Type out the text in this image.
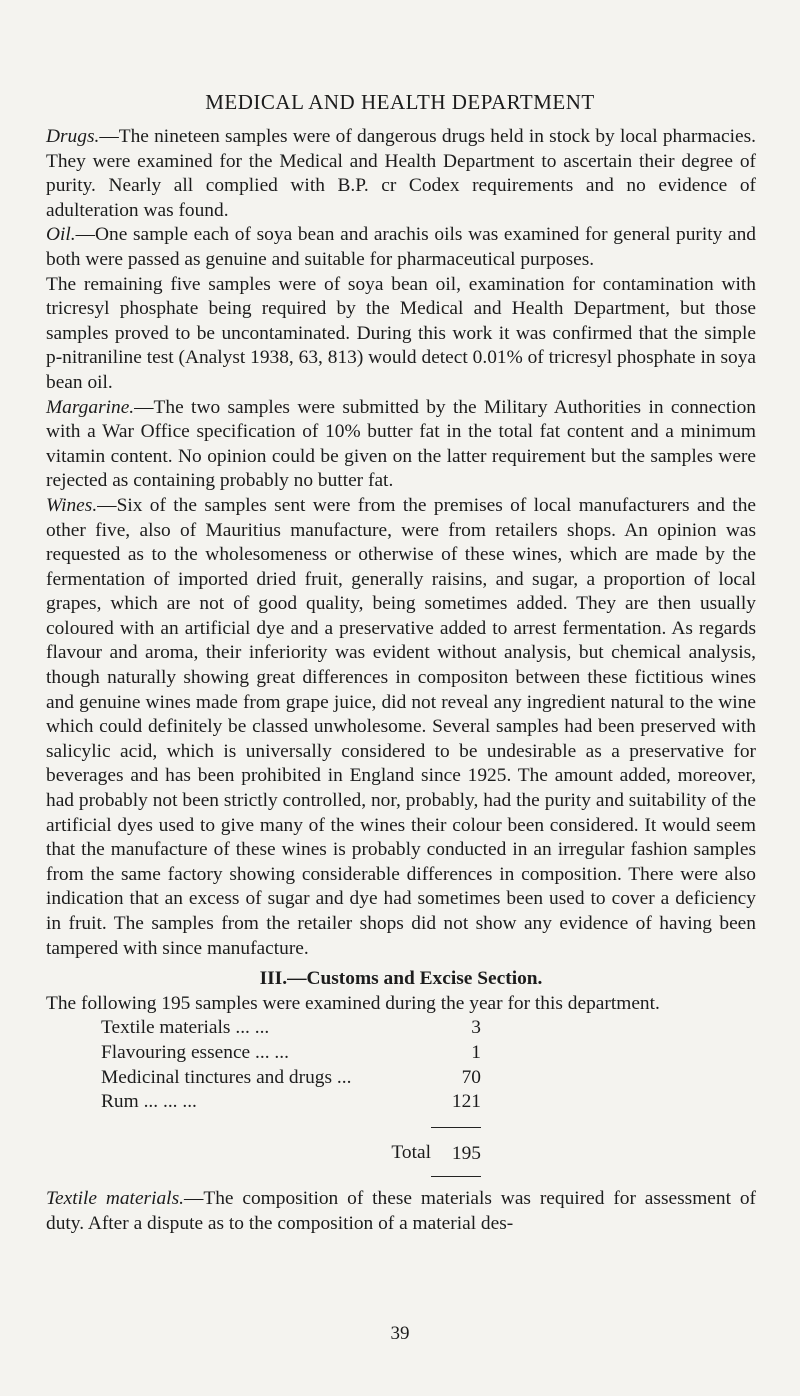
MEDICAL AND HEALTH DEPARTMENT

Drugs.—The nineteen samples were of dangerous drugs held in stock by local pharmacies. They were examined for the Medical and Health Department to ascertain their degree of purity. Nearly all complied with B.P. cr Codex requirements and no evidence of adulteration was found.

Oil.—One sample each of soya bean and arachis oils was examined for general purity and both were passed as genuine and suitable for pharmaceutical purposes.

The remaining five samples were of soya bean oil, examination for contamination with tricresyl phosphate being required by the Medical and Health Department, but those samples proved to be uncontaminated. During this work it was confirmed that the simple p-nitraniline test (Analyst 1938, 63, 813) would detect 0.01% of tricresyl phosphate in soya bean oil.

Margarine.—The two samples were submitted by the Military Authorities in connection with a War Office specification of 10% butter fat in the total fat content and a minimum vitamin content. No opinion could be given on the latter requirement but the samples were rejected as containing probably no butter fat.

Wines.—Six of the samples sent were from the premises of local manufacturers and the other five, also of Mauritius manufacture, were from retailers shops. An opinion was requested as to the wholesomeness or otherwise of these wines, which are made by the fermentation of imported dried fruit, generally raisins, and sugar, a proportion of local grapes, which are not of good quality, being sometimes added. They are then usually coloured with an artificial dye and a preservative added to arrest fermentation. As regards flavour and aroma, their inferiority was evident without analysis, but chemical analysis, though naturally showing great differences in compositon between these fictitious wines and genuine wines made from grape juice, did not reveal any ingredient natural to the wine which could definitely be classed unwholesome. Several samples had been preserved with salicylic acid, which is universally considered to be undesirable as a preservative for beverages and has been prohibited in England since 1925. The amount added, moreover, had probably not been strictly controlled, nor, probably, had the purity and suitability of the artificial dyes used to give many of the wines their colour been considered. It would seem that the manufacture of these wines is probably conducted in an irregular fashion samples from the same factory showing considerable differences in composition. There were also indication that an excess of sugar and dye had sometimes been used to cover a deficiency in fruit. The samples from the retailer shops did not show any evidence of having been tampered with since manufacture.

III.—Customs and Excise Section.

The following 195 samples were examined during the year for this department.

Textile materials ... ...	3
Flavouring essence ... ...	1
Medicinal tinctures and drugs ...	70
Rum ... ... ...	121
Total	195

Textile materials.—The composition of these materials was required for assessment of duty. After a dispute as to the composition of a material des-

39
